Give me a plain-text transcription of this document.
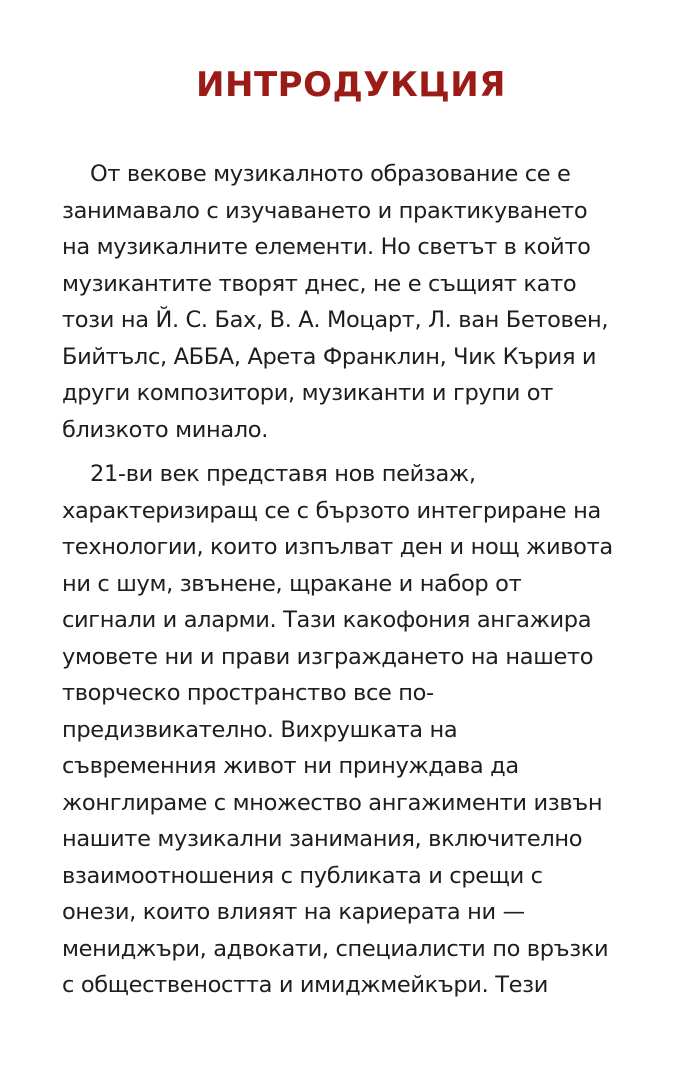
ИНТРОДУКЦИЯ

От векове музикалното образование се е
занимавало с изучаването и практикуването
на музикалните елементи. Но светът в който
музикантите творят днес, не е същият като
този на Й. С. Бах, В. А. Моцарт, Л. ван Бетовен,
Бийтълс, АББА, Арета Франклин, Чик Кърия и
други композитори, музиканти и групи от
близкото минало.

21-ви век представя нов пейзаж,
характеризиращ се с бързото интегриране на
технологии, които изпълват ден и нощ живота
ни с шум, звънене, щракане и набор от
сигнали и аларми. Тази какофония ангажира
умовете ни и прави изграждането на нашето
творческо пространство все по-
предизвикателно. Вихрушката на
съвременния живот ни принуждава да
жонглираме с множество ангажименти извън
нашите музикални занимания, включително
взаимоотношения с публиката и срещи с
онези, които влияят на кариерата ни —
мениджъри, адвокати, специалисти по връзки
с обществеността и имиджмейкъри. Тези
